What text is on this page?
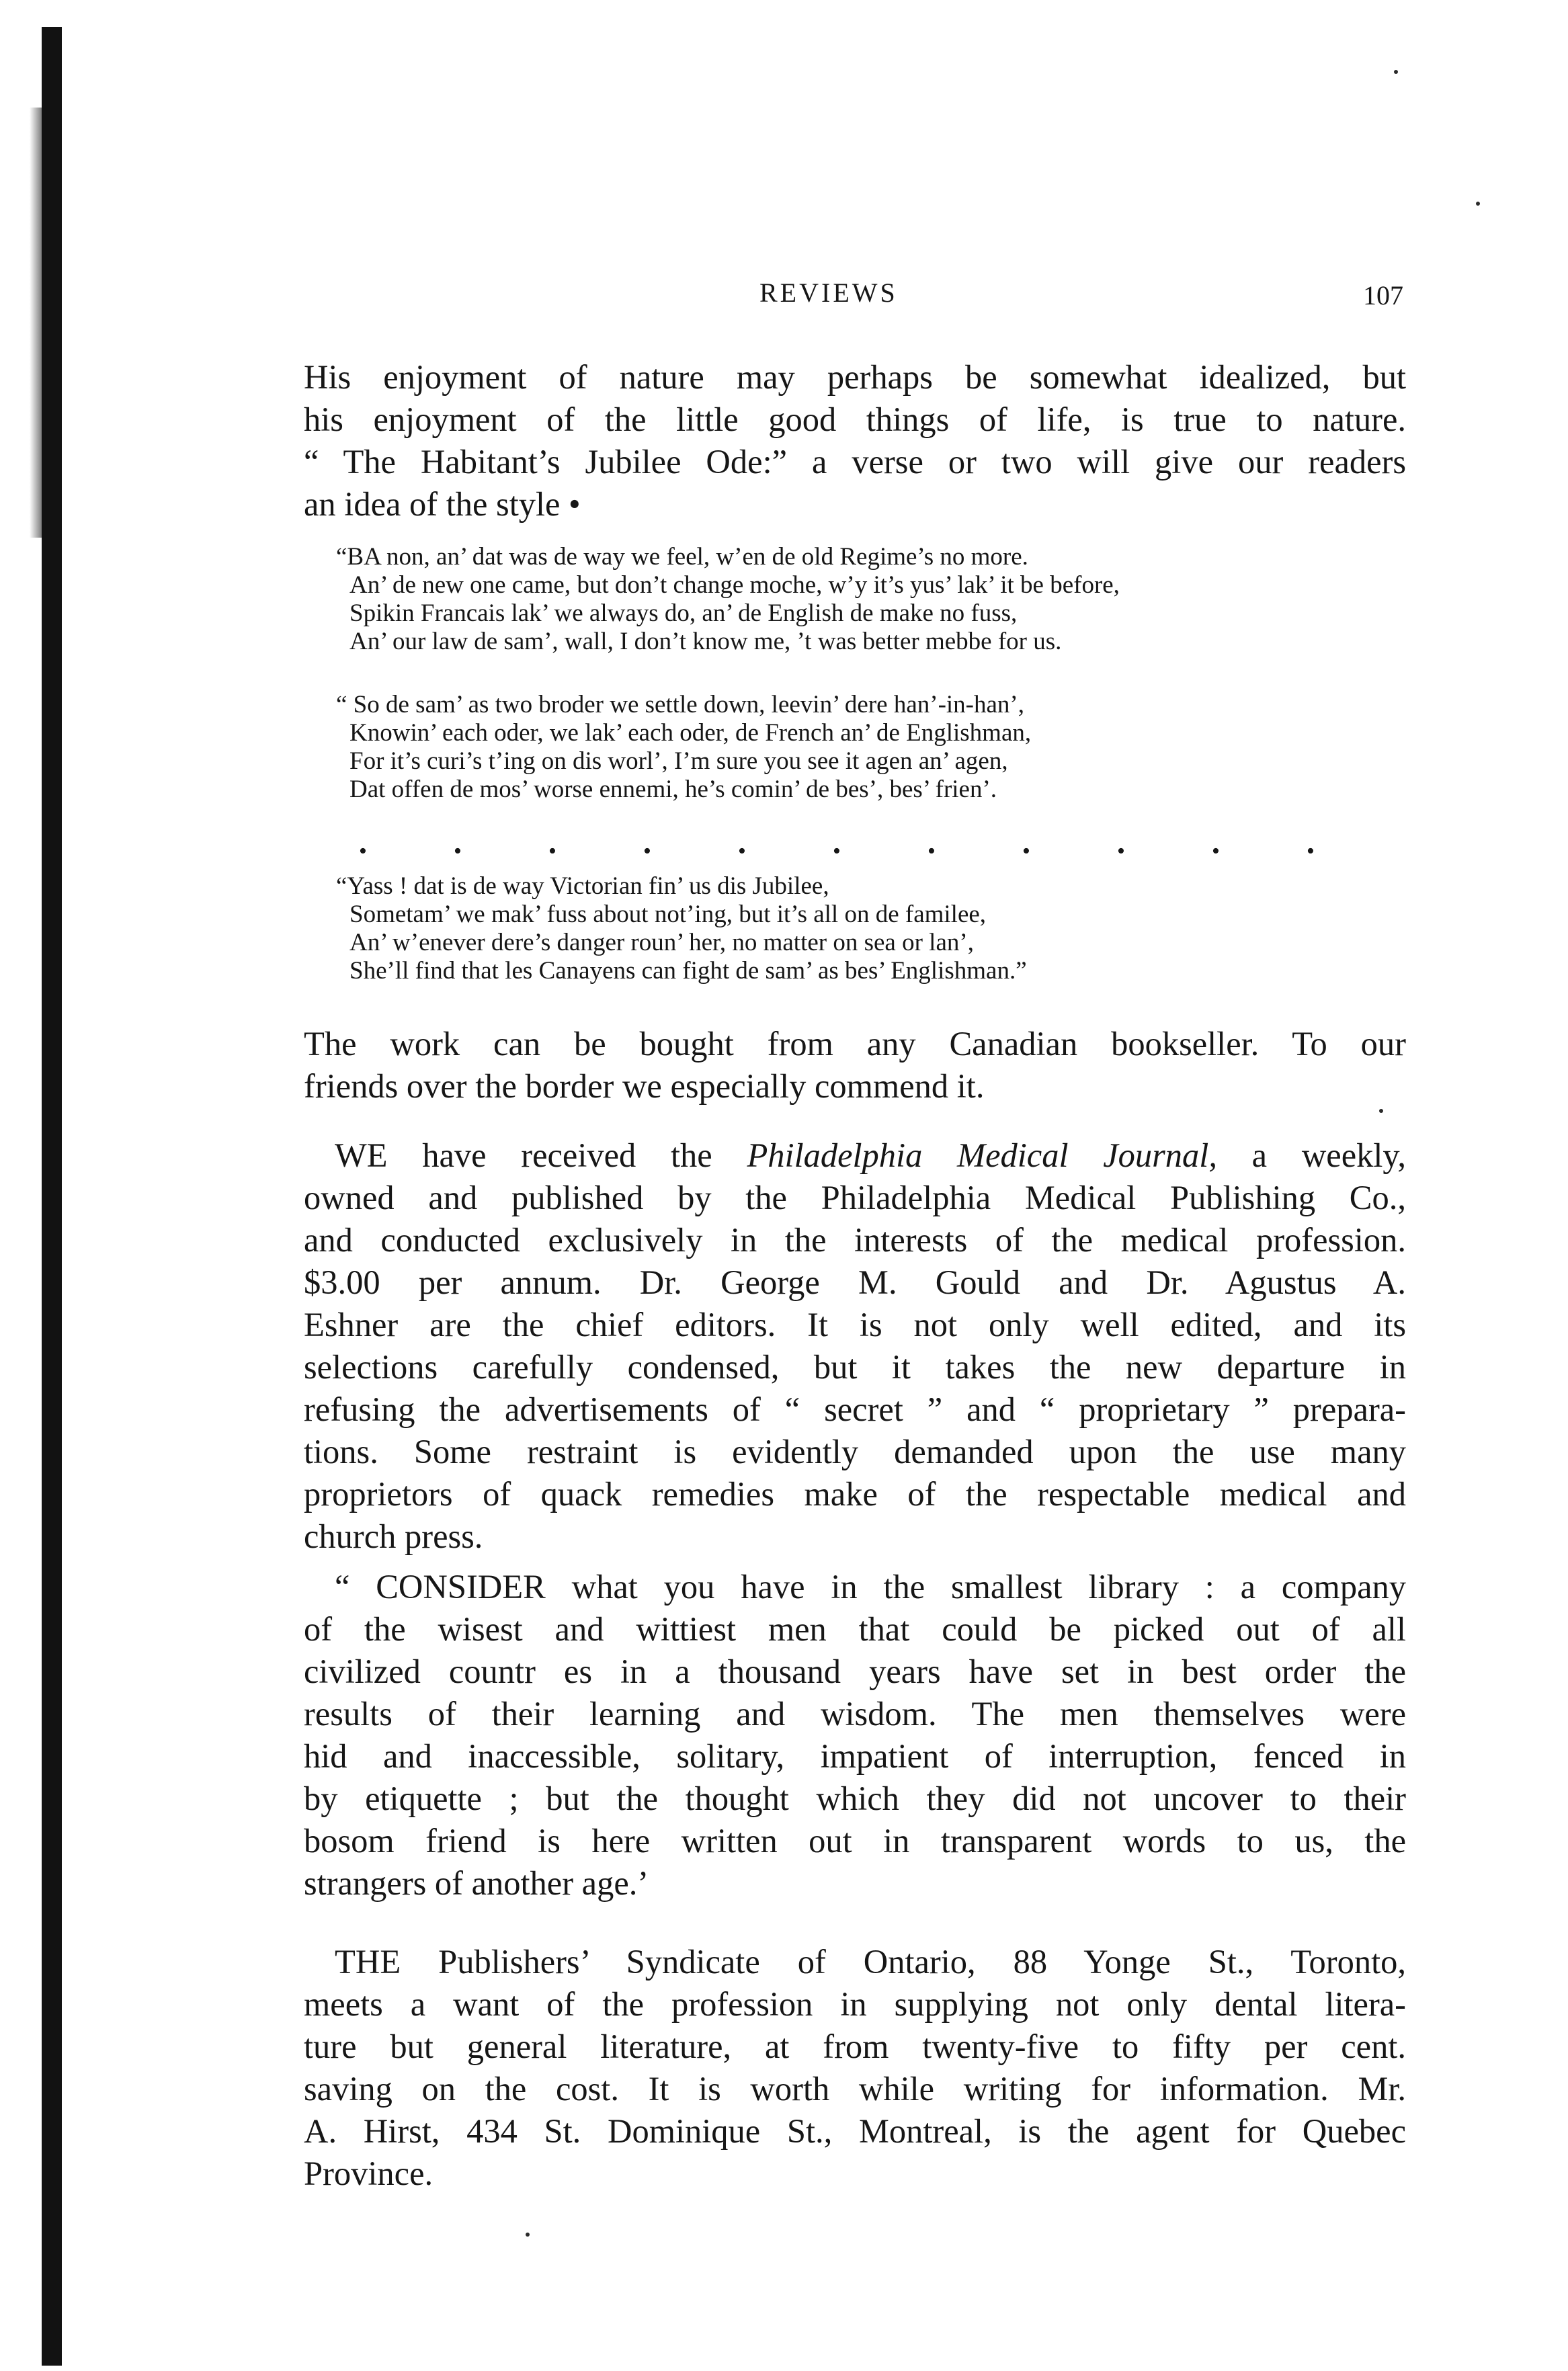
REVIEWS	107

His enjoyment of nature may perhaps be somewhat idealized, but
his enjoyment of the little good things of life, is true to nature.
“ The Habitant’s Jubilee Ode:” a verse or two will give our readers
an idea of the style •

“BA non, an’ dat was de way we feel, w’en de old Regime’s no more.
An’ de new one came, but don’t change moche, w’y it’s yus’ lak’ it be before,
Spikin Francais lak’ we always do, an’ de English de make no fuss,
An’ our law de sam’, wall, I don’t know me, ’t was better mebbe for us.
“ So de sam’ as two broder we settle down, leevin’ dere han’-in-han’,
Knowin’ each oder, we lak’ each oder, de French an’ de Englishman,
For it’s curi’s t’ing on dis worl’, I’m sure you see it agen an’ agen,
Dat offen de mos’ worse ennemi, he’s comin’ de bes’, bes’ frien’.
•	•	•	•	•	•	•	•	•	•	•
“Yass ! dat is de way Victorian fin’ us dis Jubilee,
Sometam’ we mak’ fuss about not’ing, but it’s all on de familee,
An’ w’enever dere’s danger roun’ her, no matter on sea or lan’,
She’ll find that les Canayens can fight de sam’ as bes’ Englishman.”

The work can be bought from any Canadian bookseller. To our
friends over the border we especially commend it.

WE have received the Philadelphia Medical Journal, a weekly,
owned and published by the Philadelphia Medical Publishing Co.,
and conducted exclusively in the interests of the medical profession.
$3.00 per annum. Dr. George M. Gould and Dr. Agustus A.
Eshner are the chief editors. It is not only well edited, and its
selections carefully condensed, but it takes the new departure in
refusing the advertisements of “ secret ” and “ proprietary ” prepara-
tions. Some restraint is evidently demanded upon the use many
proprietors of quack remedies make of the respectable medical and
church press.

“ CONSIDER what you have in the smallest library : a company
of the wisest and wittiest men that could be picked out of all
civilized countr es in a thousand years have set in best order the
results of their learning and wisdom. The men themselves were
hid and inaccessible, solitary, impatient of interruption, fenced in
by etiquette ; but the thought which they did not uncover to their
bosom friend is here written out in transparent words to us, the
strangers of another age.’

THE Publishers’ Syndicate of Ontario, 88 Yonge St., Toronto,
meets a want of the profession in supplying not only dental litera-
ture but general literature, at from twenty-five to fifty per cent.
saving on the cost. It is worth while writing for information. Mr.
A. Hirst, 434 St. Dominique St., Montreal, is the agent for Quebec
Province.
